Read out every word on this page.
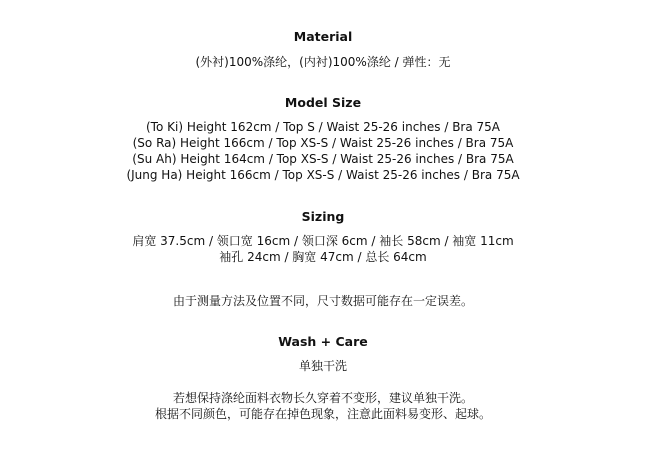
Material
(外衬)100%涤纶，(内衬)100%涤纶 / 弹性：无
Model Size
(To Ki) Height 162cm / Top S / Waist 25-26 inches / Bra 75A
(So Ra) Height 166cm / Top XS-S / Waist 25-26 inches / Bra 75A
(Su Ah) Height 164cm / Top XS-S / Waist 25-26 inches / Bra 75A
(Jung Ha) Height 166cm / Top XS-S / Waist 25-26 inches / Bra 75A
Sizing
肩宽 37.5cm / 领口宽 16cm / 领口深 6cm / 袖长 58cm / 袖宽 11cm
袖孔 24cm / 胸宽 47cm / 总长 64cm
由于测量方法及位置不同，尺寸数据可能存在一定误差。
Wash + Care
单独干洗
若想保持涤纶面料衣物长久穿着不变形，建议单独干洗。
根据不同颜色，可能存在掉色现象，注意此面料易变形、起球。
